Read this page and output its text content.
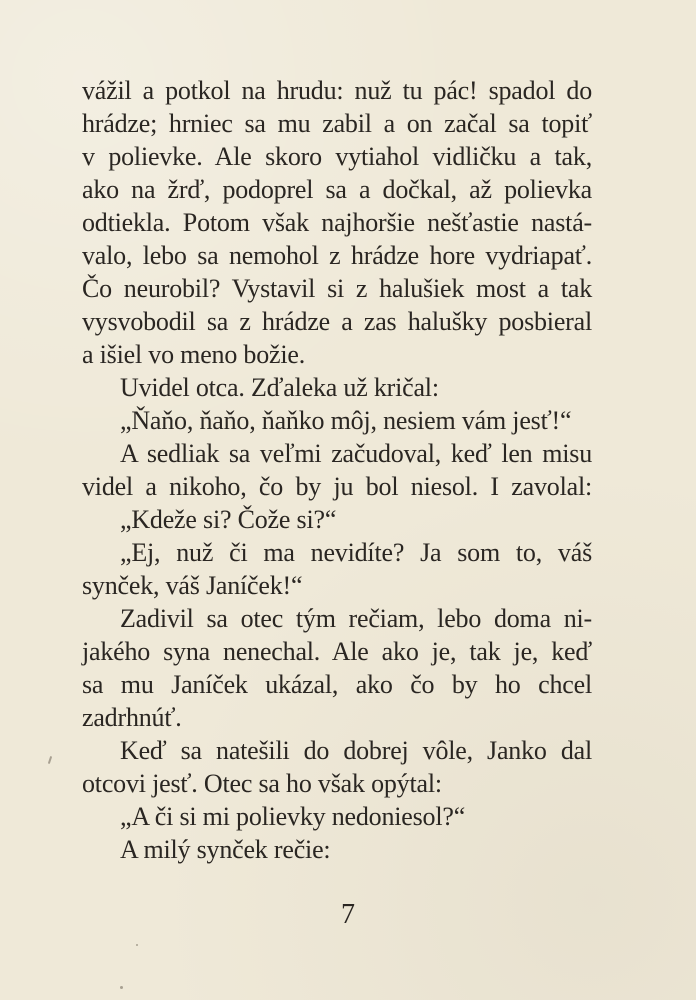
vážil a potkol na hrudu: nuž tu pác! spadol do
hrádze; hrniec sa mu zabil a on začal sa topiť
v polievke. Ale skoro vytiahol vidličku a tak,
ako na žrď, podoprel sa a dočkal, až polievka
odtiekla. Potom však najhoršie nešťastie nastá-
valo, lebo sa nemohol z hrádze hore vydriapať.
Čo neurobil? Vystavil si z halušiek most a tak
vysvobodil sa z hrádze a zas halušky posbieral
a išiel vo meno božie.
Uvidel otca. Zďaleka už kričal:
„Ňaňo, ňaňo, ňaňko môj, nesiem vám jesť!“
A sedliak sa veľmi začudoval, keď len misu
videl a nikoho, čo by ju bol niesol. I zavolal:
„Kdeže si? Čože si?“
„Ej, nuž či ma nevidíte? Ja som to, váš
synček, váš Janíček!“
Zadivil sa otec tým rečiam, lebo doma ni-
jakého syna nenechal. Ale ako je, tak je, keď
sa mu Janíček ukázal, ako čo by ho chcel
zadrhnúť.
Keď sa natešili do dobrej vôle, Janko dal
otcovi jesť. Otec sa ho však opýtal:
„A či si mi polievky nedoniesol?“
A milý synček rečie:
7
